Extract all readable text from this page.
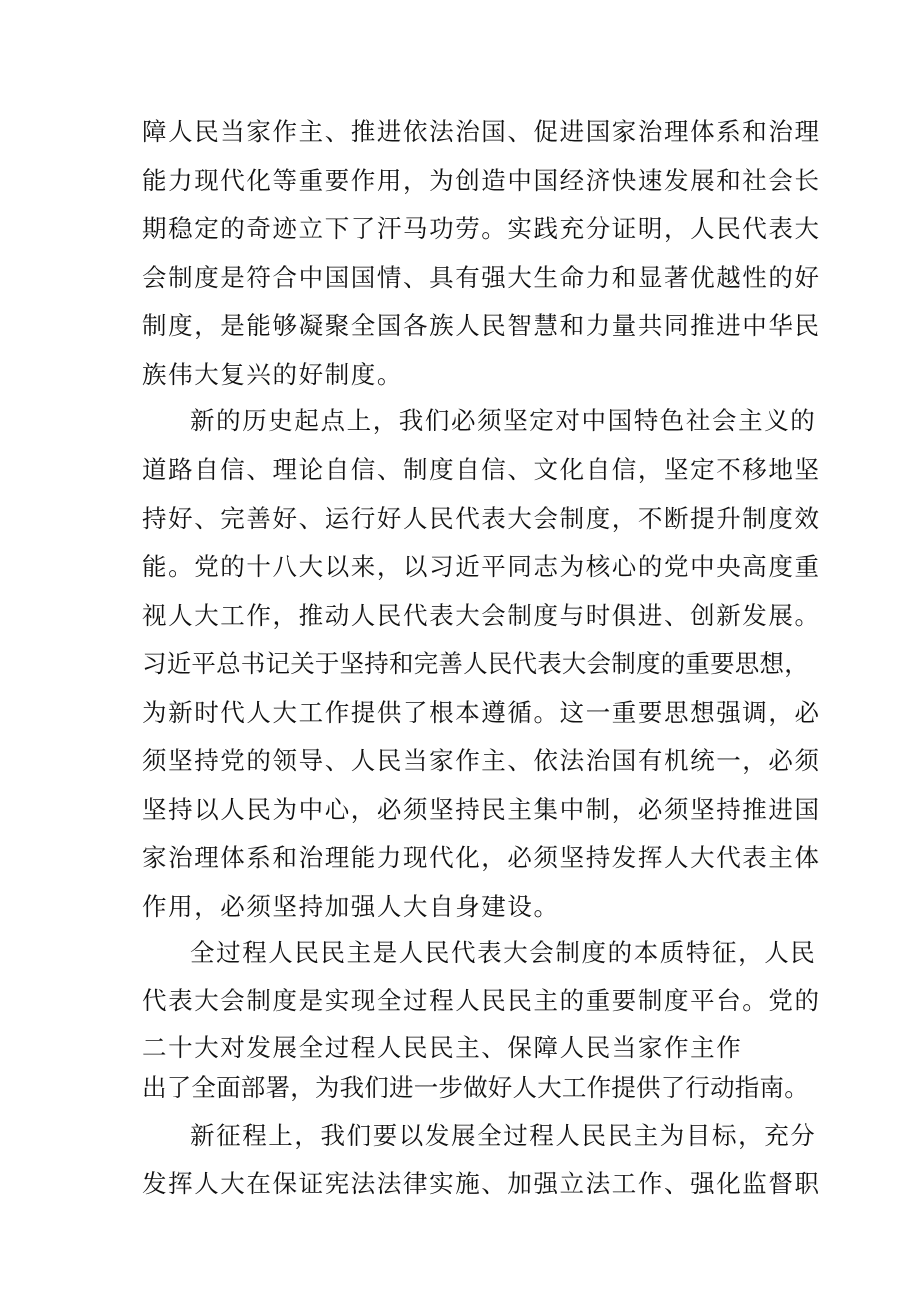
障人民当家作主、推进依法治国、促进国家治理体系和治理
能力现代化等重要作用，为创造中国经济快速发展和社会长
期稳定的奇迹立下了汗马功劳。实践充分证明，人民代表大
会制度是符合中国国情、具有强大生命力和显著优越性的好
制度，是能够凝聚全国各族人民智慧和力量共同推进中华民
族伟大复兴的好制度。
新的历史起点上，我们必须坚定对中国特色社会主义的
道路自信、理论自信、制度自信、文化自信，坚定不移地坚
持好、完善好、运行好人民代表大会制度，不断提升制度效
能。党的十八大以来，以习近平同志为核心的党中央高度重
视人大工作，推动人民代表大会制度与时俱进、创新发展。
习近平总书记关于坚持和完善人民代表大会制度的重要思想，
为新时代人大工作提供了根本遵循。这一重要思想强调，必
须坚持党的领导、人民当家作主、依法治国有机统一，必须
坚持以人民为中心，必须坚持民主集中制，必须坚持推进国
家治理体系和治理能力现代化，必须坚持发挥人大代表主体
作用，必须坚持加强人大自身建设。
全过程人民民主是人民代表大会制度的本质特征，人民
代表大会制度是实现全过程人民民主的重要制度平台。党的
二十大对发展全过程人民民主、保障人民当家作主作
出了全面部署，为我们进一步做好人大工作提供了行动指南。
新征程上，我们要以发展全过程人民民主为目标，充分
发挥人大在保证宪法法律实施、加强立法工作、强化监督职
